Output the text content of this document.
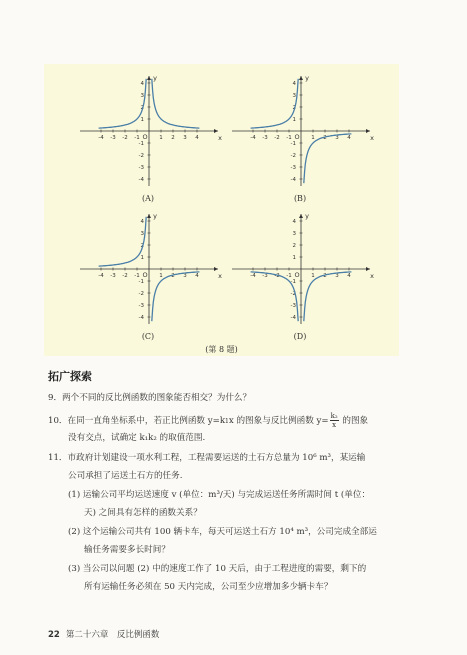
x
y
O
-4 -3 -2 -1	1 2 3 4
4
3
2
1
-1
-2
-3
-4
(A)
x
y
O
-4 -3 -2 -1	1 2 3 4
4
3
2
1
-1
-2
-3
-4
(B)
x
y
O
-4 -3 -2 -1	1 2 3 4
4
3
2
1
-1
-2
-3
-4
(C)
x
y
O
-4 -3 -2 -1	1 2 3 4
4
3
2
1
-1
-2
-3
-4
(D)
(第 8 题)
拓广探索
9．两个不同的反比例函数的图象能否相交？为什么？
10．在同一直角坐标系中，若正比例函数 y=k1x 的图象与反比例函数 $y= \frac{\text{k₂}}{x}$ 的图象
没有交点，试确定 k₁k₂ 的取值范围.
11．市政府计划建设一项水利工程，工程需要运送的土石方总量为 10⁶ m³，某运输
公司承担了运送土石方的任务.
(1) 运输公司平均运送速度 v (单位：m³/天) 与完成运送任务所需时间 t (单位：
天) 之间具有怎样的函数关系？
(2) 这个运输公司共有 100 辆卡车，每天可运送土石方 10⁴ m³，公司完成全部运
输任务需要多长时间？
(3) 当公司以问题 (2) 中的速度工作了 10 天后，由于工程进度的需要，剩下的
所有运输任务必须在 50 天内完成，公司至少应增加多少辆卡车？
22 第二十六章　反比例函数
